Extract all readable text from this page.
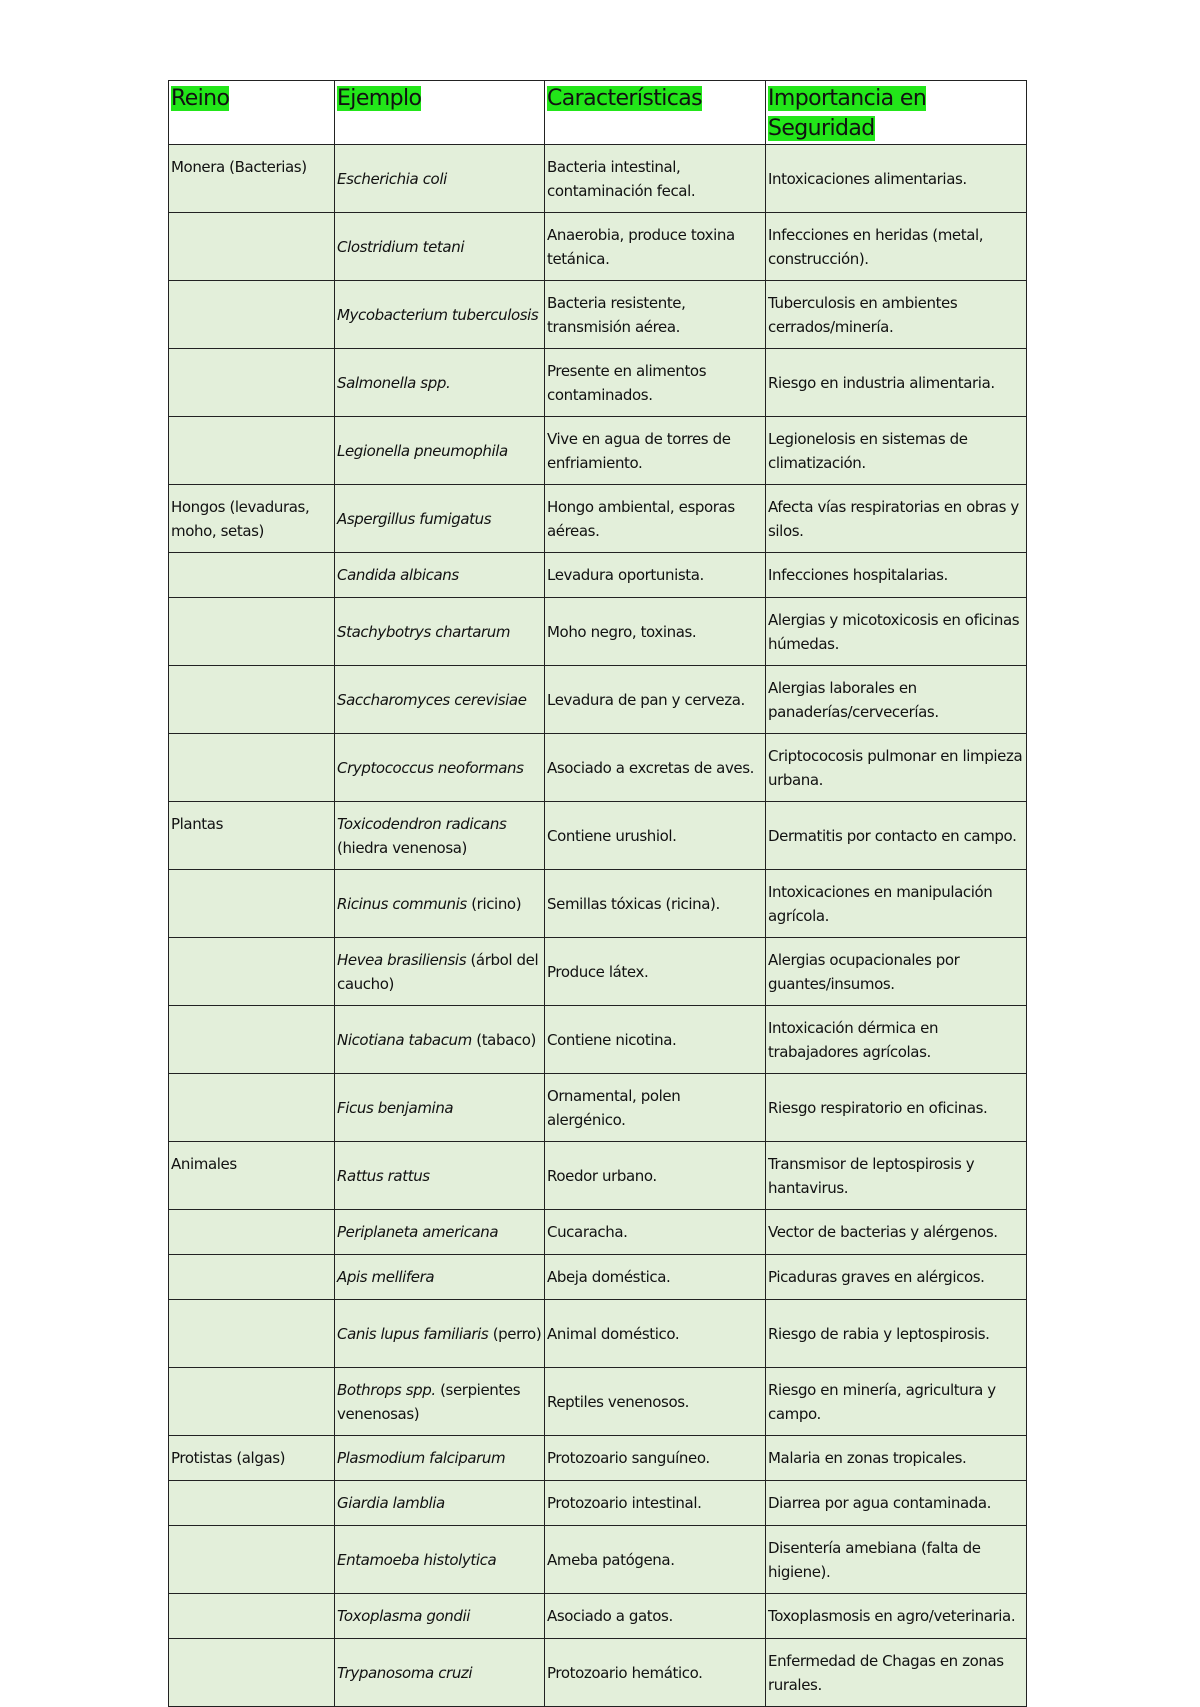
Reino	Ejemplo	Características	Importancia en Seguridad
Monera (Bacterias)	Escherichia coli	Bacteria intestinal, contaminación fecal.	Intoxicaciones alimentarias.
	Clostridium tetani	Anaerobia, produce toxina tetánica.	Infecciones en heridas (metal, construcción).
	Mycobacterium tuberculosis	Bacteria resistente, transmisión aérea.	Tuberculosis en ambientes cerrados/minería.
	Salmonella spp.	Presente en alimentos contaminados.	Riesgo en industria alimentaria.
	Legionella pneumophila	Vive en agua de torres de enfriamiento.	Legionelosis en sistemas de climatización.
Hongos (levaduras, moho, setas)	Aspergillus fumigatus	Hongo ambiental, esporas aéreas.	Afecta vías respiratorias en obras y silos.
	Candida albicans	Levadura oportunista.	Infecciones hospitalarias.
	Stachybotrys chartarum	Moho negro, toxinas.	Alergias y micotoxicosis en oficinas húmedas.
	Saccharomyces cerevisiae	Levadura de pan y cerveza.	Alergias laborales en panaderías/cervecerías.
	Cryptococcus neoformans	Asociado a excretas de aves.	Criptococosis pulmonar en limpieza urbana.
Plantas	Toxicodendron radicans (hiedra venenosa)	Contiene urushiol.	Dermatitis por contacto en campo.
	Ricinus communis (ricino)	Semillas tóxicas (ricina).	Intoxicaciones en manipulación agrícola.
	Hevea brasiliensis (árbol del caucho)	Produce látex.	Alergias ocupacionales por guantes/insumos.
	Nicotiana tabacum (tabaco)	Contiene nicotina.	Intoxicación dérmica en trabajadores agrícolas.
	Ficus benjamina	Ornamental, polen alergénico.	Riesgo respiratorio en oficinas.
Animales	Rattus rattus	Roedor urbano.	Transmisor de leptospirosis y hantavirus.
	Periplaneta americana	Cucaracha.	Vector de bacterias y alérgenos.
	Apis mellifera	Abeja doméstica.	Picaduras graves en alérgicos.
	Canis lupus familiaris (perro)	Animal doméstico.	Riesgo de rabia y leptospirosis.
	Bothrops spp. (serpientes venenosas)	Reptiles venenosos.	Riesgo en minería, agricultura y campo.
Protistas (algas)	Plasmodium falciparum	Protozoario sanguíneo.	Malaria en zonas tropicales.
	Giardia lamblia	Protozoario intestinal.	Diarrea por agua contaminada.
	Entamoeba histolytica	Ameba patógena.	Disentería amebiana (falta de higiene).
	Toxoplasma gondii	Asociado a gatos.	Toxoplasmosis en agro/veterinaria.
	Trypanosoma cruzi	Protozoario hemático.	Enfermedad de Chagas en zonas rurales.
